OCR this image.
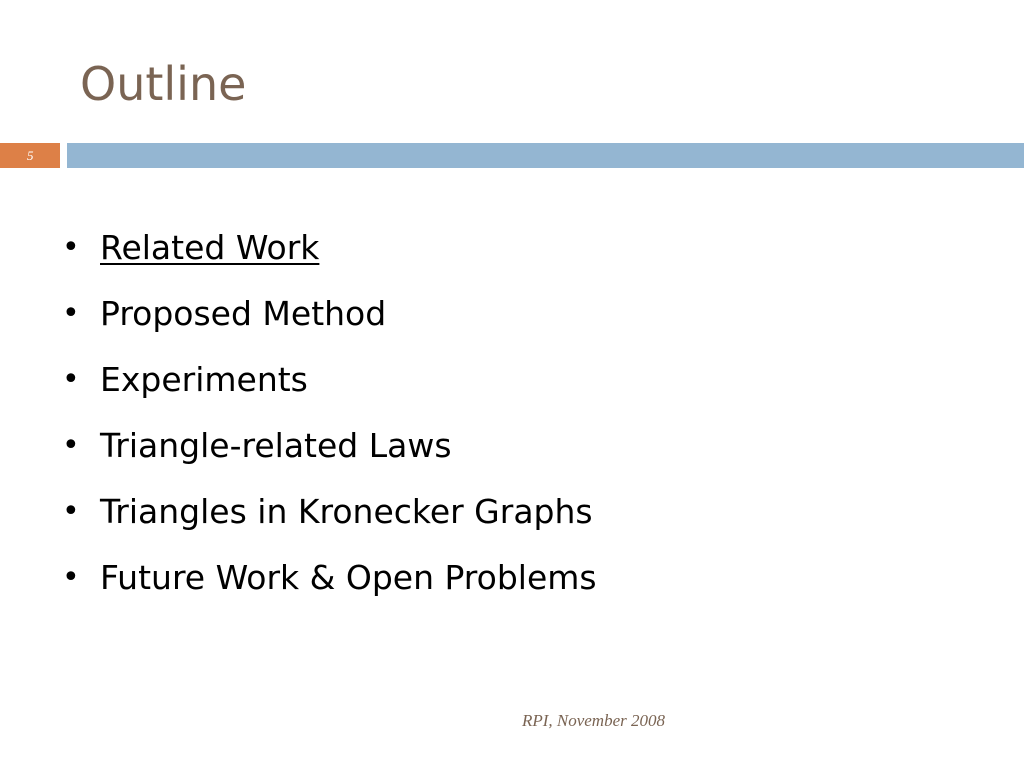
Outline
5
• Related Work
• Proposed Method
• Experiments
• Triangle-related Laws
• Triangles in Kronecker Graphs
• Future Work & Open Problems
RPI, November 2008
